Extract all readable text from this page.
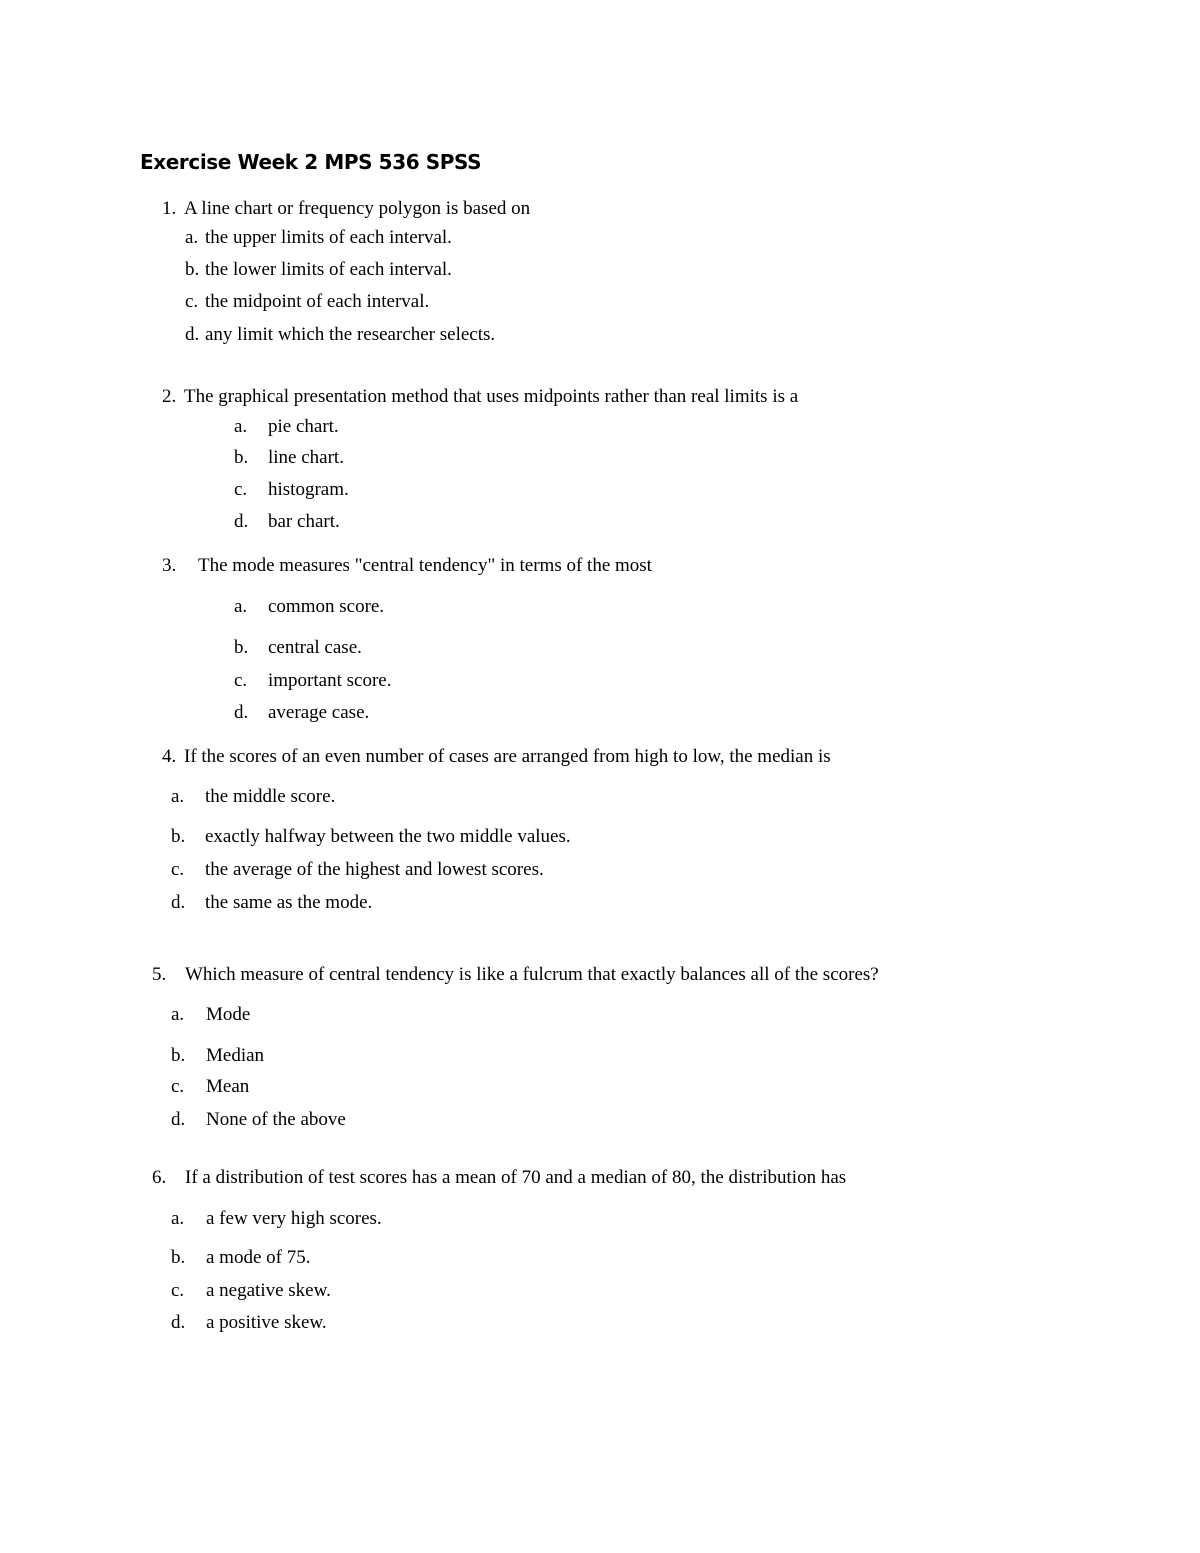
Exercise Week 2 MPS 536 SPSS
1. A line chart or frequency polygon is based on
a. the upper limits of each interval.
b. the lower limits of each interval.
c. the midpoint of each interval.
d. any limit which the researcher selects.
2. The graphical presentation method that uses midpoints rather than real limits is a
a. pie chart.
b. line chart.
c. histogram.
d. bar chart.
3. The mode measures "central tendency" in terms of the most
a. common score.
b. central case.
c. important score.
d. average case.
4. If the scores of an even number of cases are arranged from high to low, the median is
a. the middle score.
b. exactly halfway between the two middle values.
c. the average of the highest and lowest scores.
d. the same as the mode.
5. Which measure of central tendency is like a fulcrum that exactly balances all of the scores?
a. Mode
b. Median
c. Mean
d. None of the above
6. If a distribution of test scores has a mean of 70 and a median of 80, the distribution has
a. a few very high scores.
b. a mode of 75.
c. a negative skew.
d. a positive skew.
